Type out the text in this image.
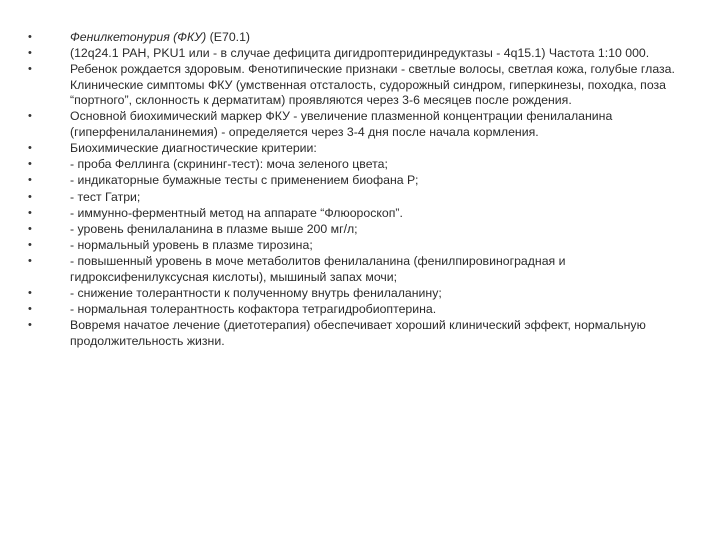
•	Фенилкетонурия (ФКУ) (Е70.1)
•	(12q24.1 PAH, PKU1 или - в случае дефицита дигидроптеридинредуктазы - 4q15.1) Частота 1:10 000.
•	Ребенок рождается здоровым. Фенотипические признаки - светлые волосы, светлая кожа, голубые глаза. Клинические симптомы ФКУ (умственная отсталость, судорожный синдром, гиперкинезы, походка, поза “портного”, склонность к дерматитам) проявляются через 3-6 месяцев после рождения.
•	Основной биохимический маркер ФКУ - увеличение плазменной концентрации фенилаланина (гиперфенилаланинемия) - определяется через 3-4 дня после начала кормления.
•	Биохимические диагностические критерии:
•	- проба Феллинга (скрининг-тест): моча зеленого цвета;
•	- индикаторные бумажные тесты с применением биофана Р;
•	- тест Гатри;
•	- иммунно-ферментный метод на аппарате “Флюороскоп”.
•	- уровень фенилаланина в плазме выше 200 мг/л;
•	- нормальный уровень в плазме тирозина;
•	- повышенный уровень в моче метаболитов фенилаланина (фенилпировиноградная и гидроксифенилуксусная кислоты), мышиный запах мочи;
•	- снижение толерантности к полученному внутрь фенилаланину;
•	- нормальная толерантность кофактора тетрагидробиоптерина.
•	Вовремя начатое лечение (диетотерапия) обеспечивает хороший клинический эффект, нормальную продолжительность жизни.
